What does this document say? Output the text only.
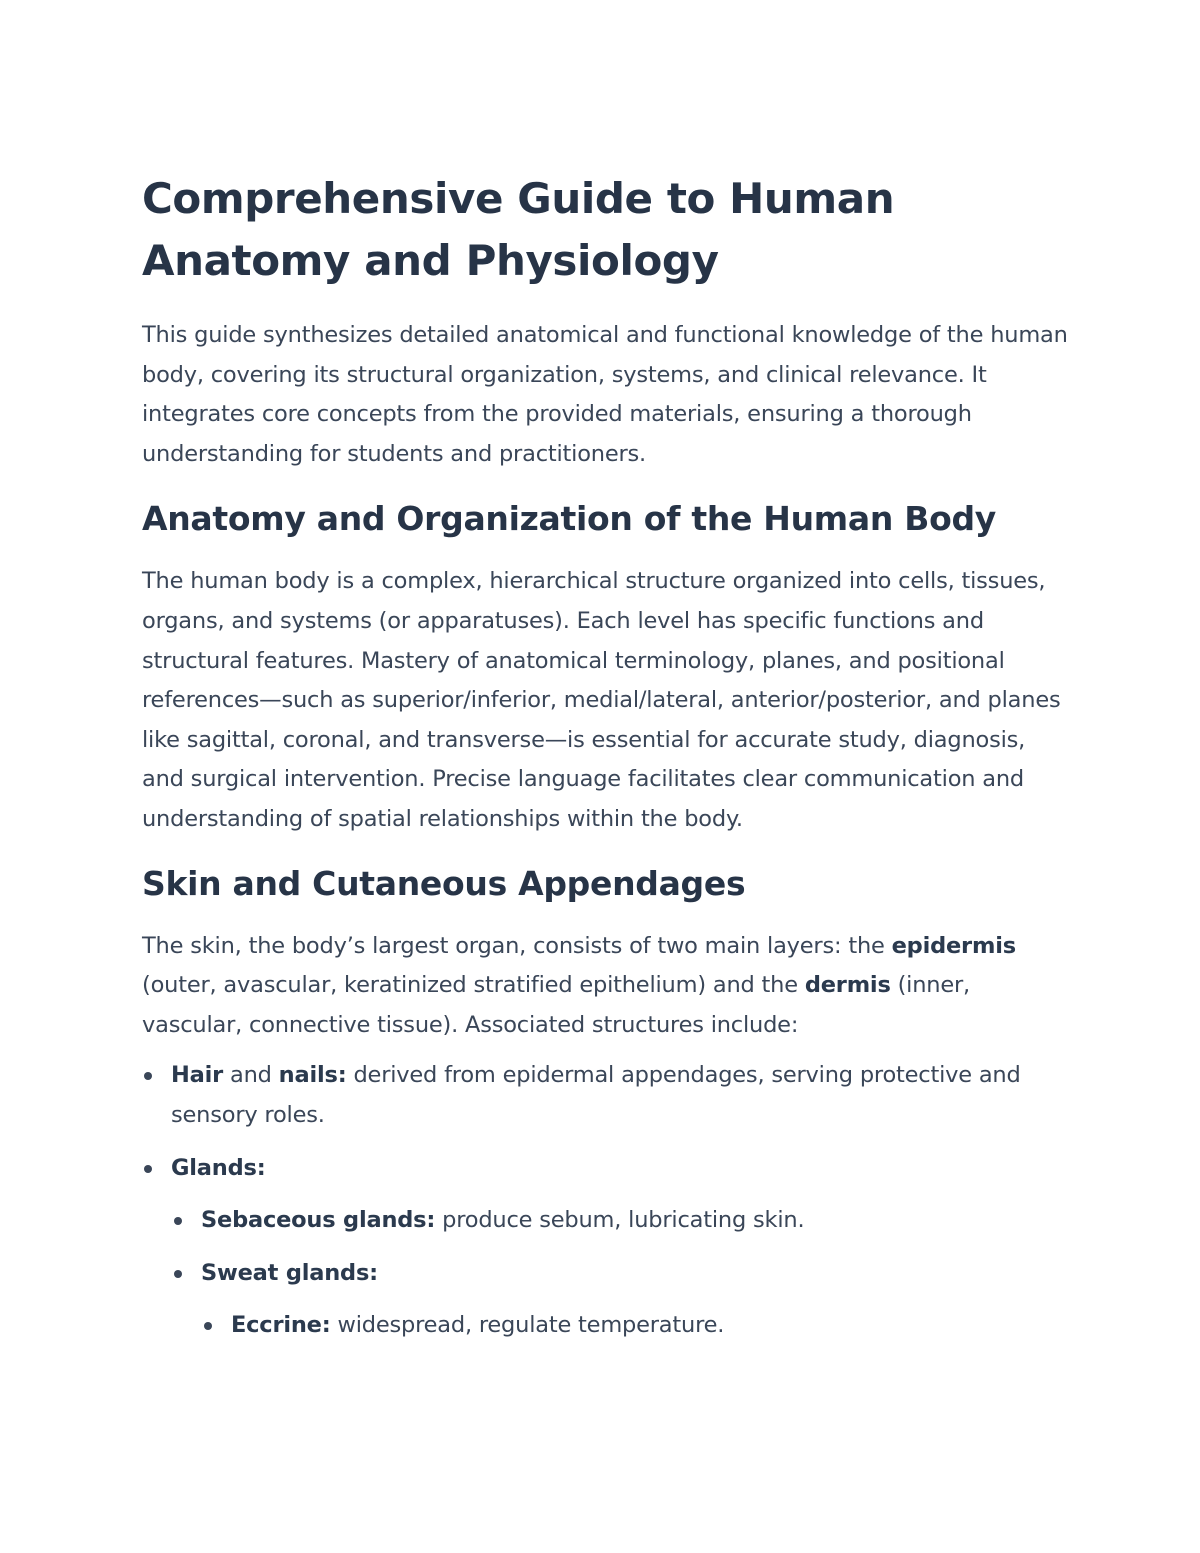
Comprehensive Guide to Human Anatomy and Physiology

This guide synthesizes detailed anatomical and functional knowledge of the human body, covering its structural organization, systems, and clinical relevance. It integrates core concepts from the provided materials, ensuring a thorough understanding for students and practitioners.

Anatomy and Organization of the Human Body

The human body is a complex, hierarchical structure organized into cells, tissues, organs, and systems (or apparatuses). Each level has specific functions and structural features. Mastery of anatomical terminology, planes, and positional references—such as superior/inferior, medial/lateral, anterior/posterior, and planes like sagittal, coronal, and transverse—is essential for accurate study, diagnosis, and surgical intervention. Precise language facilitates clear communication and understanding of spatial relationships within the body.

Skin and Cutaneous Appendages

The skin, the body’s largest organ, consists of two main layers: the epidermis (outer, avascular, keratinized stratified epithelium) and the dermis (inner, vascular, connective tissue). Associated structures include:

Hair and nails: derived from epidermal appendages, serving protective and sensory roles.
Glands:
Sebaceous glands: produce sebum, lubricating skin.
Sweat glands:
Eccrine: widespread, regulate temperature.
